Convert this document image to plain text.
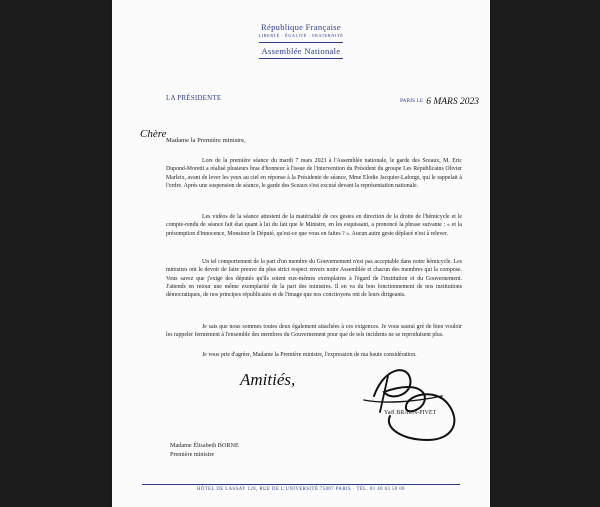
République Française
LIBERTÉ · ÉGALITÉ · FRATERNITÉ
Assemblée Nationale
LA PRÉSIDENTE	PARIS LE 6 MARS 2023
Chère
Madame la Première ministre,

Lors de la première séance du mardi 7 mars 2023 à l'Assemblée nationale, le garde des Sceaux, M. Eric Dupond-Moretti a réalisé plusieurs bras d'honneur à l'issue de l'intervention du Président du groupe Les Républicains Olivier Marleix, avant de lever les yeux au ciel en réponse à la Présidente de séance, Mme Elodie Jacquier-Laforge, qui le rappelait à l'ordre. Après une suspension de séance, le garde des Sceaux s'est excusé devant la représentation nationale.

Les vidéos de la séance attestent de la matérialité de ces gestes en direction de la droite de l'hémicycle et le compte-rendu de séance fait état quant à lui du fait que le Ministre, en les esquissant, a prononcé la phrase suivante : « et la présomption d'innocence, Monsieur le Député, qu'est-ce que vous en faites ? ». Aucun autre geste déplacé n'est à relever.

Un tel comportement de la part d'un membre du Gouvernement n'est pas acceptable dans notre hémicycle. Les ministres ont le devoir de faire preuve du plus strict respect envers notre Assemblée et chacun des membres qui la compose. Vous savez que j'exige des députés qu'ils soient eux-mêmes exemplaires à l'égard de l'institution et du Gouvernement. J'attends en retour une même exemplarité de la part des ministres. Il en va du bon fonctionnement de nos institutions démocratiques, de nos principes républicains et de l'image que nos concitoyens ont de leurs dirigeants.

Je sais que nous sommes toutes deux également attachées à ces exigences. Je vous saurai gré de bien vouloir les rappeler fermement à l'ensemble des membres du Gouvernement pour que de tels incidents ne se reproduisent plus.

Je vous prie d'agréer, Madame la Première ministre, l'expression de ma haute considération.

Amitiés,
Yaël BRAUN-PIVET
Madame Élisabeth BORNE
Première ministre
HÔTEL DE LASSAY 128, RUE DE L'UNIVERSITÉ 75007 PARIS · TÉL. 01 40 63 50 00
